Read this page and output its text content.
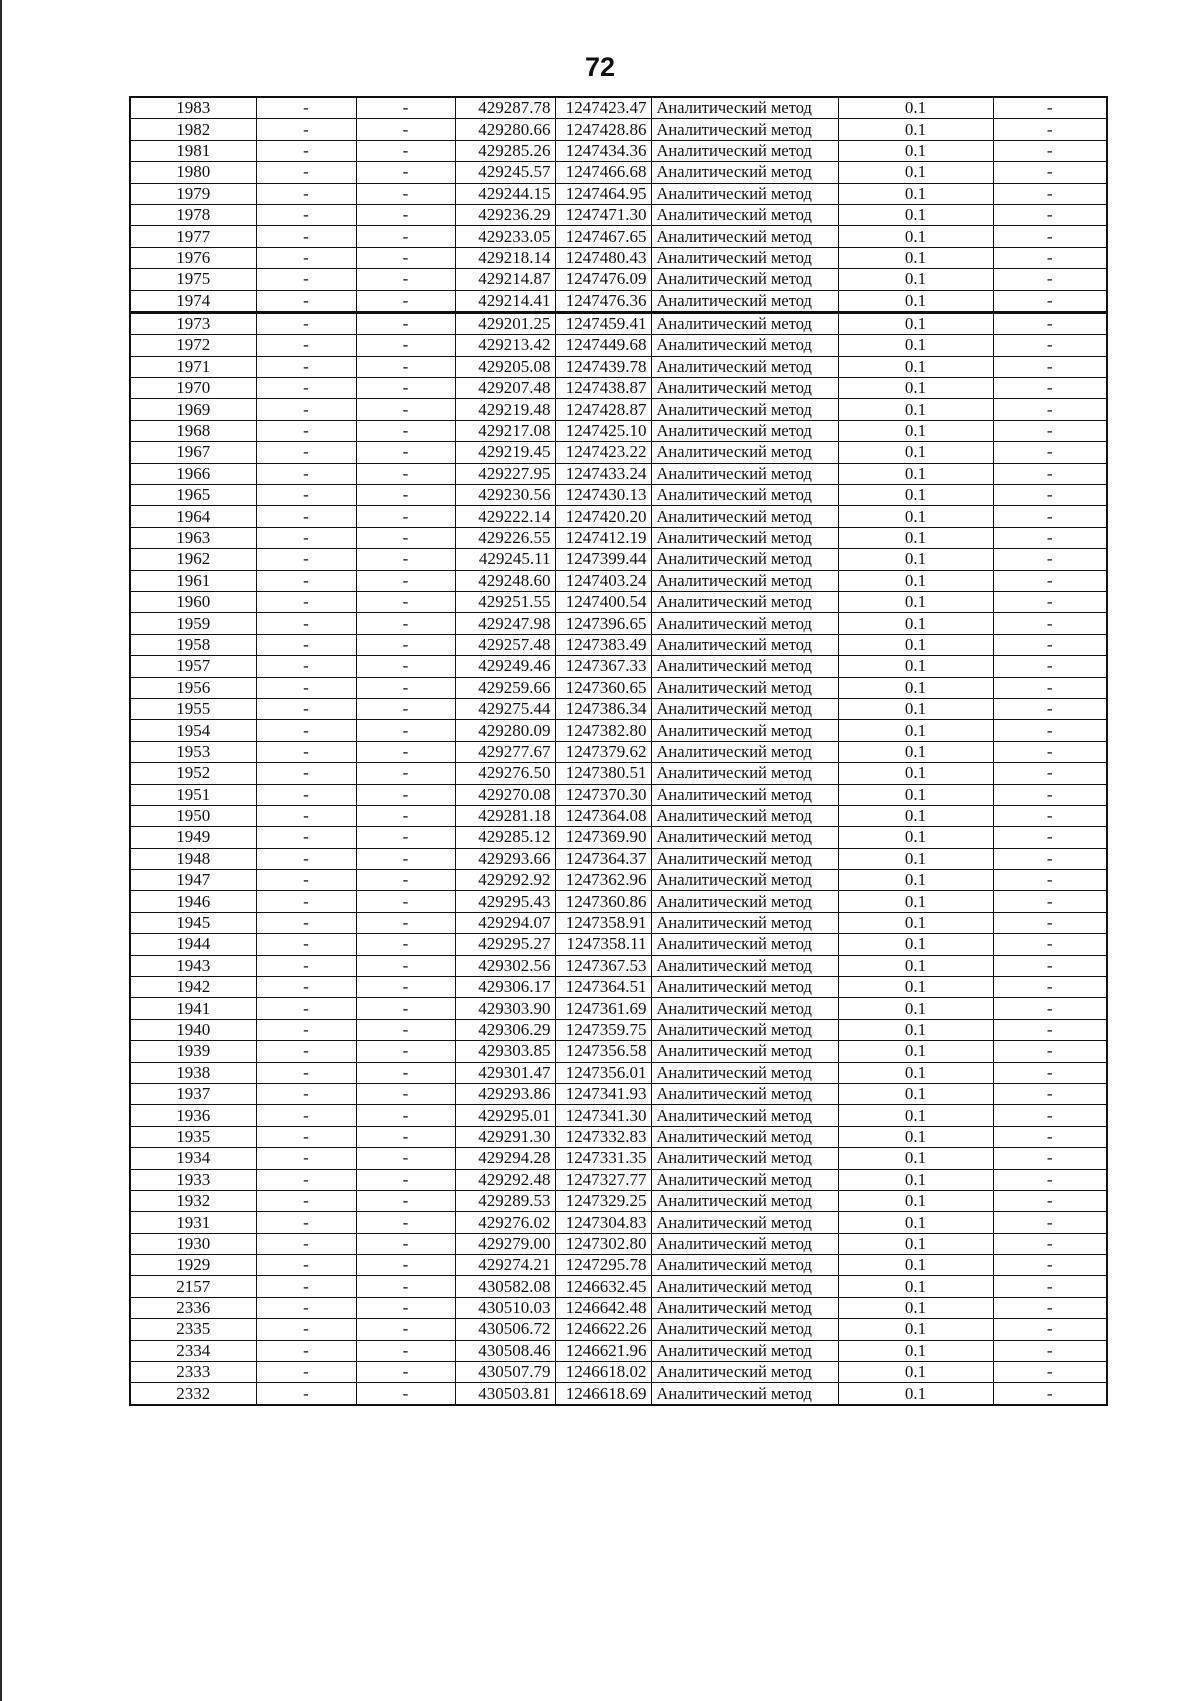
72
1983	-	-	429287.78	1247423.47	Аналитический метод	0.1	-
1982	-	-	429280.66	1247428.86	Аналитический метод	0.1	-
1981	-	-	429285.26	1247434.36	Аналитический метод	0.1	-
1980	-	-	429245.57	1247466.68	Аналитический метод	0.1	-
1979	-	-	429244.15	1247464.95	Аналитический метод	0.1	-
1978	-	-	429236.29	1247471.30	Аналитический метод	0.1	-
1977	-	-	429233.05	1247467.65	Аналитический метод	0.1	-
1976	-	-	429218.14	1247480.43	Аналитический метод	0.1	-
1975	-	-	429214.87	1247476.09	Аналитический метод	0.1	-
1974	-	-	429214.41	1247476.36	Аналитический метод	0.1	-
1973	-	-	429201.25	1247459.41	Аналитический метод	0.1	-
1972	-	-	429213.42	1247449.68	Аналитический метод	0.1	-
1971	-	-	429205.08	1247439.78	Аналитический метод	0.1	-
1970	-	-	429207.48	1247438.87	Аналитический метод	0.1	-
1969	-	-	429219.48	1247428.87	Аналитический метод	0.1	-
1968	-	-	429217.08	1247425.10	Аналитический метод	0.1	-
1967	-	-	429219.45	1247423.22	Аналитический метод	0.1	-
1966	-	-	429227.95	1247433.24	Аналитический метод	0.1	-
1965	-	-	429230.56	1247430.13	Аналитический метод	0.1	-
1964	-	-	429222.14	1247420.20	Аналитический метод	0.1	-
1963	-	-	429226.55	1247412.19	Аналитический метод	0.1	-
1962	-	-	429245.11	1247399.44	Аналитический метод	0.1	-
1961	-	-	429248.60	1247403.24	Аналитический метод	0.1	-
1960	-	-	429251.55	1247400.54	Аналитический метод	0.1	-
1959	-	-	429247.98	1247396.65	Аналитический метод	0.1	-
1958	-	-	429257.48	1247383.49	Аналитический метод	0.1	-
1957	-	-	429249.46	1247367.33	Аналитический метод	0.1	-
1956	-	-	429259.66	1247360.65	Аналитический метод	0.1	-
1955	-	-	429275.44	1247386.34	Аналитический метод	0.1	-
1954	-	-	429280.09	1247382.80	Аналитический метод	0.1	-
1953	-	-	429277.67	1247379.62	Аналитический метод	0.1	-
1952	-	-	429276.50	1247380.51	Аналитический метод	0.1	-
1951	-	-	429270.08	1247370.30	Аналитический метод	0.1	-
1950	-	-	429281.18	1247364.08	Аналитический метод	0.1	-
1949	-	-	429285.12	1247369.90	Аналитический метод	0.1	-
1948	-	-	429293.66	1247364.37	Аналитический метод	0.1	-
1947	-	-	429292.92	1247362.96	Аналитический метод	0.1	-
1946	-	-	429295.43	1247360.86	Аналитический метод	0.1	-
1945	-	-	429294.07	1247358.91	Аналитический метод	0.1	-
1944	-	-	429295.27	1247358.11	Аналитический метод	0.1	-
1943	-	-	429302.56	1247367.53	Аналитический метод	0.1	-
1942	-	-	429306.17	1247364.51	Аналитический метод	0.1	-
1941	-	-	429303.90	1247361.69	Аналитический метод	0.1	-
1940	-	-	429306.29	1247359.75	Аналитический метод	0.1	-
1939	-	-	429303.85	1247356.58	Аналитический метод	0.1	-
1938	-	-	429301.47	1247356.01	Аналитический метод	0.1	-
1937	-	-	429293.86	1247341.93	Аналитический метод	0.1	-
1936	-	-	429295.01	1247341.30	Аналитический метод	0.1	-
1935	-	-	429291.30	1247332.83	Аналитический метод	0.1	-
1934	-	-	429294.28	1247331.35	Аналитический метод	0.1	-
1933	-	-	429292.48	1247327.77	Аналитический метод	0.1	-
1932	-	-	429289.53	1247329.25	Аналитический метод	0.1	-
1931	-	-	429276.02	1247304.83	Аналитический метод	0.1	-
1930	-	-	429279.00	1247302.80	Аналитический метод	0.1	-
1929	-	-	429274.21	1247295.78	Аналитический метод	0.1	-
2157	-	-	430582.08	1246632.45	Аналитический метод	0.1	-
2336	-	-	430510.03	1246642.48	Аналитический метод	0.1	-
2335	-	-	430506.72	1246622.26	Аналитический метод	0.1	-
2334	-	-	430508.46	1246621.96	Аналитический метод	0.1	-
2333	-	-	430507.79	1246618.02	Аналитический метод	0.1	-
2332	-	-	430503.81	1246618.69	Аналитический метод	0.1	-
